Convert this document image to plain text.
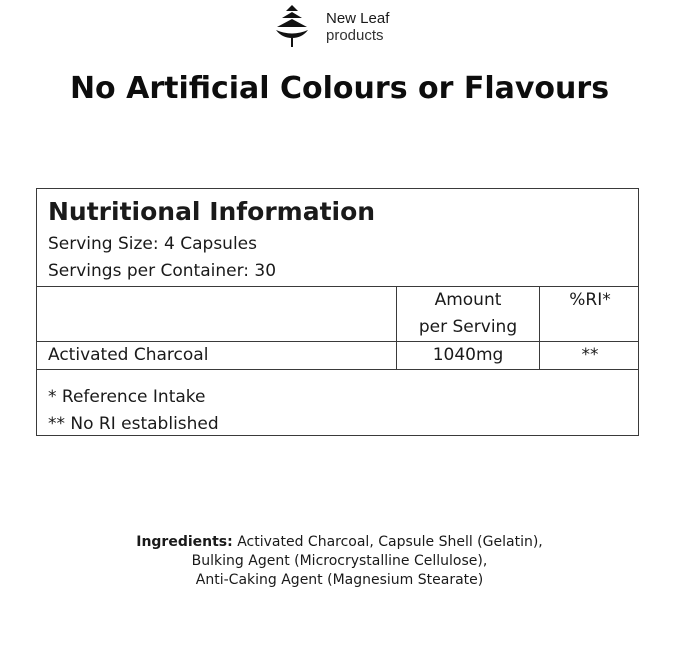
New Leaf
products
No Artificial Colours or Flavours
Nutritional Information
Serving Size: 4 Capsules
Servings per Container: 30
Amount
per Serving
%RI*
Activated Charcoal	1040mg	**
* Reference Intake
** No RI established
Ingredients: Activated Charcoal, Capsule Shell (Gelatin),
Bulking Agent (Microcrystalline Cellulose),
Anti-Caking Agent (Magnesium Stearate)
